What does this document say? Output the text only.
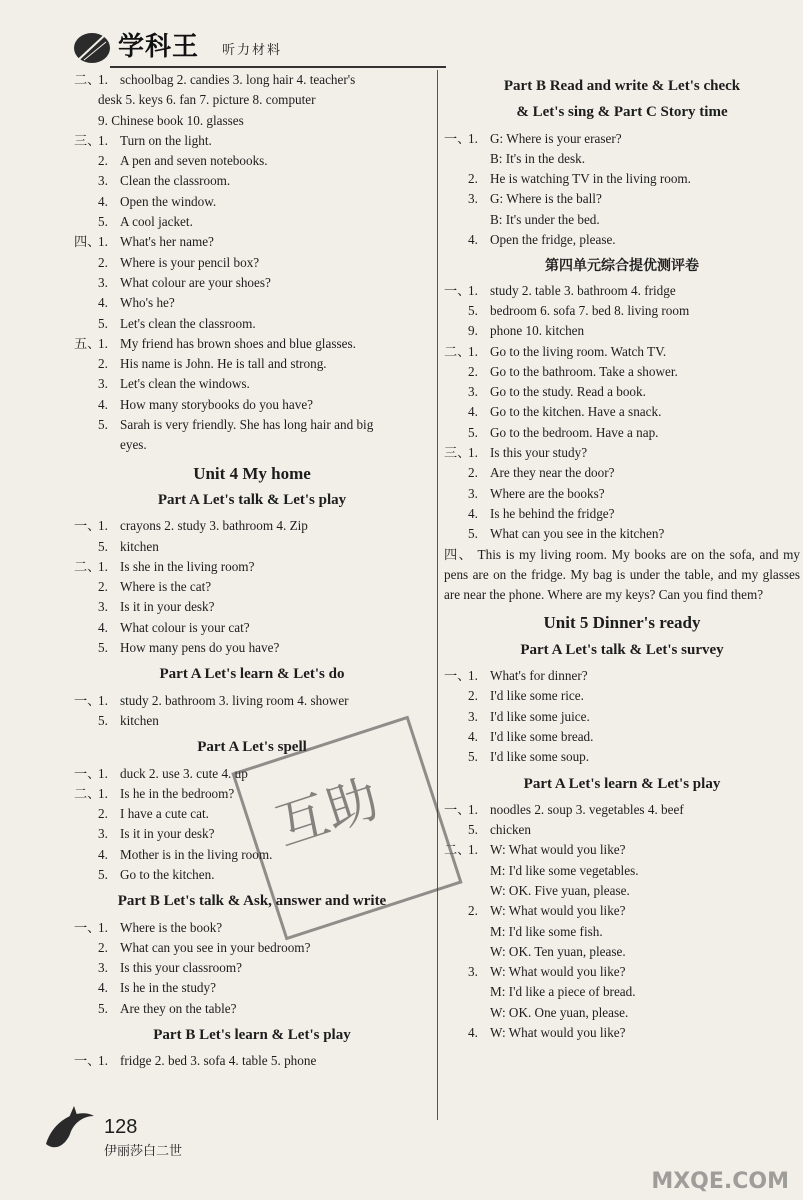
学科王 听力材料
二、
1. schoolbag 2. candies 3. long hair 4. teacher's
desk 5. keys 6. fan 7. picture 8. computer
9. Chinese book 10. glasses
三、
1. Turn on the light.
2. A pen and seven notebooks.
3. Clean the classroom.
4. Open the window.
5. A cool jacket.
四、
1. What's her name?
2. Where is your pencil box?
3. What colour are your shoes?
4. Who's he?
5. Let's clean the classroom.
五、
1. My friend has brown shoes and blue glasses.
2. His name is John. He is tall and strong.
3. Let's clean the windows.
4. How many storybooks do you have?
5. Sarah is very friendly. She has long hair and big
eyes.
Unit 4 My home
Part A Let's talk & Let's play
一、
1. crayons 2. study 3. bathroom 4. Zip
5. kitchen
二、
1. Is she in the living room?
2. Where is the cat?
3. Is it in your desk?
4. What colour is your cat?
5. How many pens do you have?
Part A Let's learn & Let's do
一、
1. study 2. bathroom 3. living room 4. shower
5. kitchen
Part A Let's spell
一、
1. duck 2. use 3. cute 4. up
二、
1. Is he in the bedroom?
2. I have a cute cat.
3. Is it in your desk?
4. Mother is in the living room.
5. Go to the kitchen.
Part B Let's talk & Ask, answer and write
一、
1. Where is the book?
2. What can you see in your bedroom?
3. Is this your classroom?
4. Is he in the study?
5. Are they on the table?
Part B Let's learn & Let's play
一、
1. fridge 2. bed 3. sofa 4. table 5. phone
Part B Read and write & Let's check
& Let's sing & Part C Story time
一、
1. G: Where is your eraser?
B: It's in the desk.
2. He is watching TV in the living room.
3. G: Where is the ball?
B: It's under the bed.
4. Open the fridge, please.
第四单元综合提优测评卷
一、
1. study 2. table 3. bathroom 4. fridge
5. bedroom 6. sofa 7. bed 8. living room
9. phone 10. kitchen
二、
1. Go to the living room. Watch TV.
2. Go to the bathroom. Take a shower.
3. Go to the study. Read a book.
4. Go to the kitchen. Have a snack.
5. Go to the bedroom. Have a nap.
三、
1. Is this your study?
2. Are they near the door?
3. Where are the books?
4. Is he behind the fridge?
5. What can you see in the kitchen?
四、 This is my living room. My books are on the sofa, and my pens are on the fridge. My bag is under the table, and my glasses are near the phone. Where are my keys? Can you find them?
Unit 5 Dinner's ready
Part A Let's talk & Let's survey
一、
1. What's for dinner?
2. I'd like some rice.
3. I'd like some juice.
4. I'd like some bread.
5. I'd like some soup.
Part A Let's learn & Let's play
一、
1. noodles 2. soup 3. vegetables 4. beef
5. chicken
二、
1. W: What would you like?
M: I'd like some vegetables.
W: OK. Five yuan, please.
2. W: What would you like?
M: I'd like some fish.
W: OK. Ten yuan, please.
3. W: What would you like?
M: I'd like a piece of bread.
W: OK. One yuan, please.
4. W: What would you like?
互助
128
伊丽莎白二世
MXQE.COM
